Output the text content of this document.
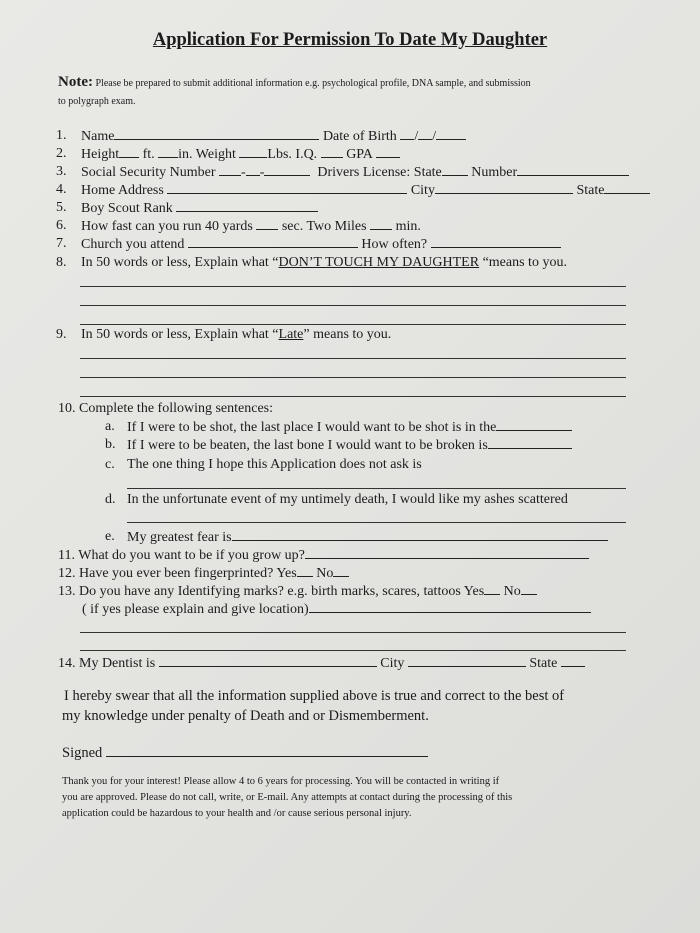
Application For Permission To Date My Daughter
Note: Please be prepared to submit additional information e.g. psychological profile, DNA sample, and submission
to polygraph exam.
1. Name	Date of Birth / /
2. Height ft. in. Weight Lbs. I.Q. GPA
3. Social Security Number - -	Drivers License: State Number
4. Home Address	City	State
5. Boy Scout Rank
6. How fast can you run 40 yards sec. Two Miles min.
7. Church you attend	How often?
8. In 50 words or less, Explain what “DON’T TOUCH MY DAUGHTER “means to you.
9. In 50 words or less, Explain what “Late” means to you.
10. Complete the following sentences:
a. If I were to be shot, the last place I would want to be shot is in the
b. If I were to be beaten, the last bone I would want to be broken is
c. The one thing I hope this Application does not ask is
d. In the unfortunate event of my untimely death, I would like my ashes scattered
e. My greatest fear is
11. What do you want to be if you grow up?
12. Have you ever been fingerprinted? Yes No
13. Do you have any Identifying marks? e.g. birth marks, scares, tattoos Yes No
( if yes please explain and give location)
14. My Dentist is	City	State
I hereby swear that all the information supplied above is true and correct to the best of
my knowledge under penalty of Death and or Dismemberment.
Signed
Thank you for your interest! Please allow 4 to 6 years for processing. You will be contacted in writing if
you are approved. Please do not call, write, or E-mail. Any attempts at contact during the processing of this
application could be hazardous to your health and /or cause serious personal injury.
